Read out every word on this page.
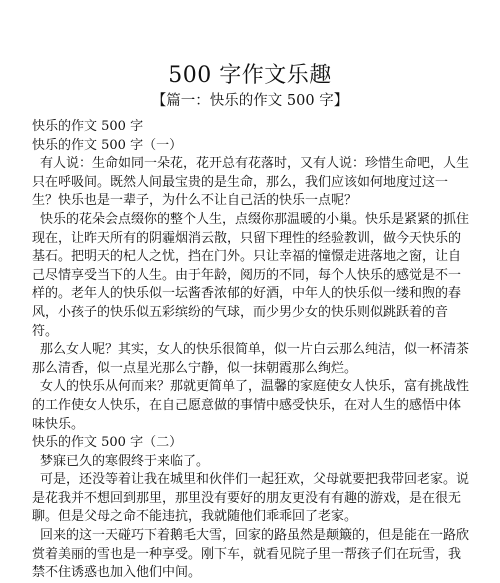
500 字作文乐趣
【篇一：快乐的作文 500 字】

快乐的作文 500 字

快乐的作文 500 字（一）

有人说：生命如同一朵花，花开总有花落时，又有人说：珍惜生命吧，人生只在呼吸间。既然人间最宝贵的是生命，那么，我们应该如何地度过这一生？快乐也是一辈子，为什么不让自己活的快乐一点呢？

快乐的花朵会点缀你的整个人生，点缀你那温暖的小巢。快乐是紧紧的抓住现在，让昨天所有的阴霾烟消云散，只留下理性的经验教训，做今天快乐的基石。把明天的杞人之忧，挡在门外。只让幸福的憧憬走进落地之窗，让自己尽情享受当下的人生。由于年龄，阅历的不同，每个人快乐的感觉是不一样的。老年人的快乐似一坛酱香浓郁的好酒，中年人的快乐似一缕和煦的春风，小孩子的快乐似五彩缤纷的气球，而少男少女的快乐则似跳跃着的音符。

那么女人呢？其实，女人的快乐很简单，似一片白云那么纯洁，似一杯清茶那么清香，似一点星光那么宁静，似一抹朝霞那么绚烂。

女人的快乐从何而来？那就更简单了，温馨的家庭使女人快乐，富有挑战性的工作使女人快乐，在自己愿意做的事情中感受快乐，在对人生的感悟中体味快乐。

快乐的作文 500 字（二）

梦寐已久的寒假终于来临了。

可是，还没等着让我在城里和伙伴们一起狂欢，父母就要把我带回老家。说是花我并不想回到那里，那里没有要好的朋友更没有有趣的游戏，是在很无聊。但是父母之命不能违抗，我就随他们乖乖回了老家。

回来的这一天碰巧下着鹅毛大雪，回家的路虽然是颠簸的，但是能在一路欣赏着美丽的雪也是一种享受。刚下车，就看见院子里一帮孩子们在玩雪，我禁不住诱惑也加入他们中间。
